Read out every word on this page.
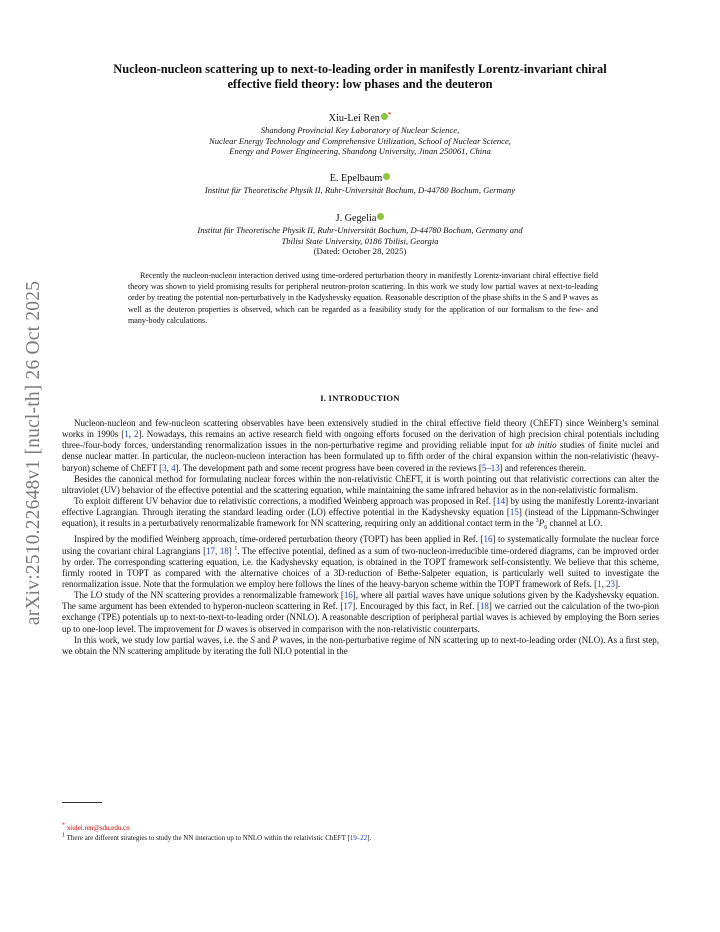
arXiv:2510.22648v1 [nucl-th] 26 Oct 2025
Nucleon-nucleon scattering up to next-to-leading order in manifestly Lorentz-invariant chiral
effective field theory: low phases and the deuteron
Xiu-Lei Ren *
Shandong Provincial Key Laboratory of Nuclear Science,
Nuclear Energy Technology and Comprehensive Utilization, School of Nuclear Science,
Energy and Power Engineering, Shandong University, Jinan 250061, China
E. Epelbaum
Institut für Theoretische Physik II, Ruhr-Universität Bochum, D-44780 Bochum, Germany
J. Gegelia
Institut für Theoretische Physik II, Ruhr-Universität Bochum, D-44780 Bochum, Germany and
Tbilisi State University, 0186 Tbilisi, Georgia
(Dated: October 28, 2025)
Recently the nucleon-nucleon interaction derived using time-ordered perturbation theory in manifestly Lorentz-invariant chiral effective field theory was shown to yield promising results for peripheral neutron-proton scattering. In this work we study low partial waves at next-to-leading order by treating the potential non-perturbatively in the Kadyshevsky equation. Reasonable description of the phase shifts in the S and P waves as well as the deuteron properties is observed, which can be regarded as a feasibility study for the application of our formalism to the few- and many-body calculations.
I. INTRODUCTION

Nucleon-nucleon and few-nucleon scattering observables have been extensively studied in the chiral effective field theory (ChEFT) since Weinberg’s seminal works in 1990s [1, 2]. Nowadays, this remains an active research field with ongoing efforts focused on the derivation of high precision chiral potentials including three-/four-body forces, understanding renormalization issues in the non-perturbative regime and providing reliable input for ab initio studies of finite nuclei and dense nuclear matter. In particular, the nucleon-nucleon interaction has been formulated up to fifth order of the chiral expansion within the non-relativistic (heavy-baryon) scheme of ChEFT [3, 4]. The development path and some recent progress have been covered in the reviews [5–13] and references therein.

Besides the canonical method for formulating nuclear forces within the non-relativistic ChEFT, it is worth pointing out that relativistic corrections can alter the ultraviolet (UV) behavior of the effective potential and the scattering equation, while maintaining the same infrared behavior as in the non-relativistic formalism.

To exploit different UV behavior due to relativistic corrections, a modified Weinberg approach was proposed in Ref. [14] by using the manifestly Lorentz-invariant effective Lagrangian. Through iterating the standard leading order (LO) effective potential in the Kadyshevsky equation [15] (instead of the Lippmann-Schwinger equation), it results in a perturbatively renormalizable framework for NN scattering, requiring only an additional contact term in the $^3P_0$ channel at LO.

Inspired by the modified Weinberg approach, time-ordered perturbation theory (TOPT) has been applied in Ref. [16] to systematically formulate the nuclear force using the covariant chiral Lagrangians [17, 18] $^1$. The effective potential, defined as a sum of two-nucleon-irreducible time-ordered diagrams, can be improved order by order. The corresponding scattering equation, i.e. the Kadyshevsky equation, is obtained in the TOPT framework self-consistently. We believe that this scheme, firmly rooted in TOPT as compared with the alternative choices of a 3D-reduction of Bethe-Salpeter equation, is particularly well suited to investigate the renormalization issue. Note that the formulation we employ here follows the lines of the heavy-baryon scheme within the TOPT framework of Refs. [1, 23].

The LO study of the NN scattering provides a renormalizable framework [16], where all partial waves have unique solutions given by the Kadyshevsky equation. The same argument has been extended to hyperon-nucleon scattering in Ref. [17]. Encouraged by this fact, in Ref. [18] we carried out the calculation of the two-pion exchange (TPE) potentials up to next-to-next-to-leading order (NNLO). A reasonable description of peripheral partial waves is achieved by employing the Born series up to one-loop level. The improvement for D waves is observed in comparison with the non-relativistic counterparts.

In this work, we study low partial waves, i.e. the S and P waves, in the non-perturbative regime of NN scattering up to next-to-leading order (NLO). As a first step, we obtain the NN scattering amplitude by iterating the full NLO potential in the

* xiulei.ren@sdu.edu.cn
$^1$ There are different strategies to study the NN interaction up to NNLO within the relativistic ChEFT [19–22].
